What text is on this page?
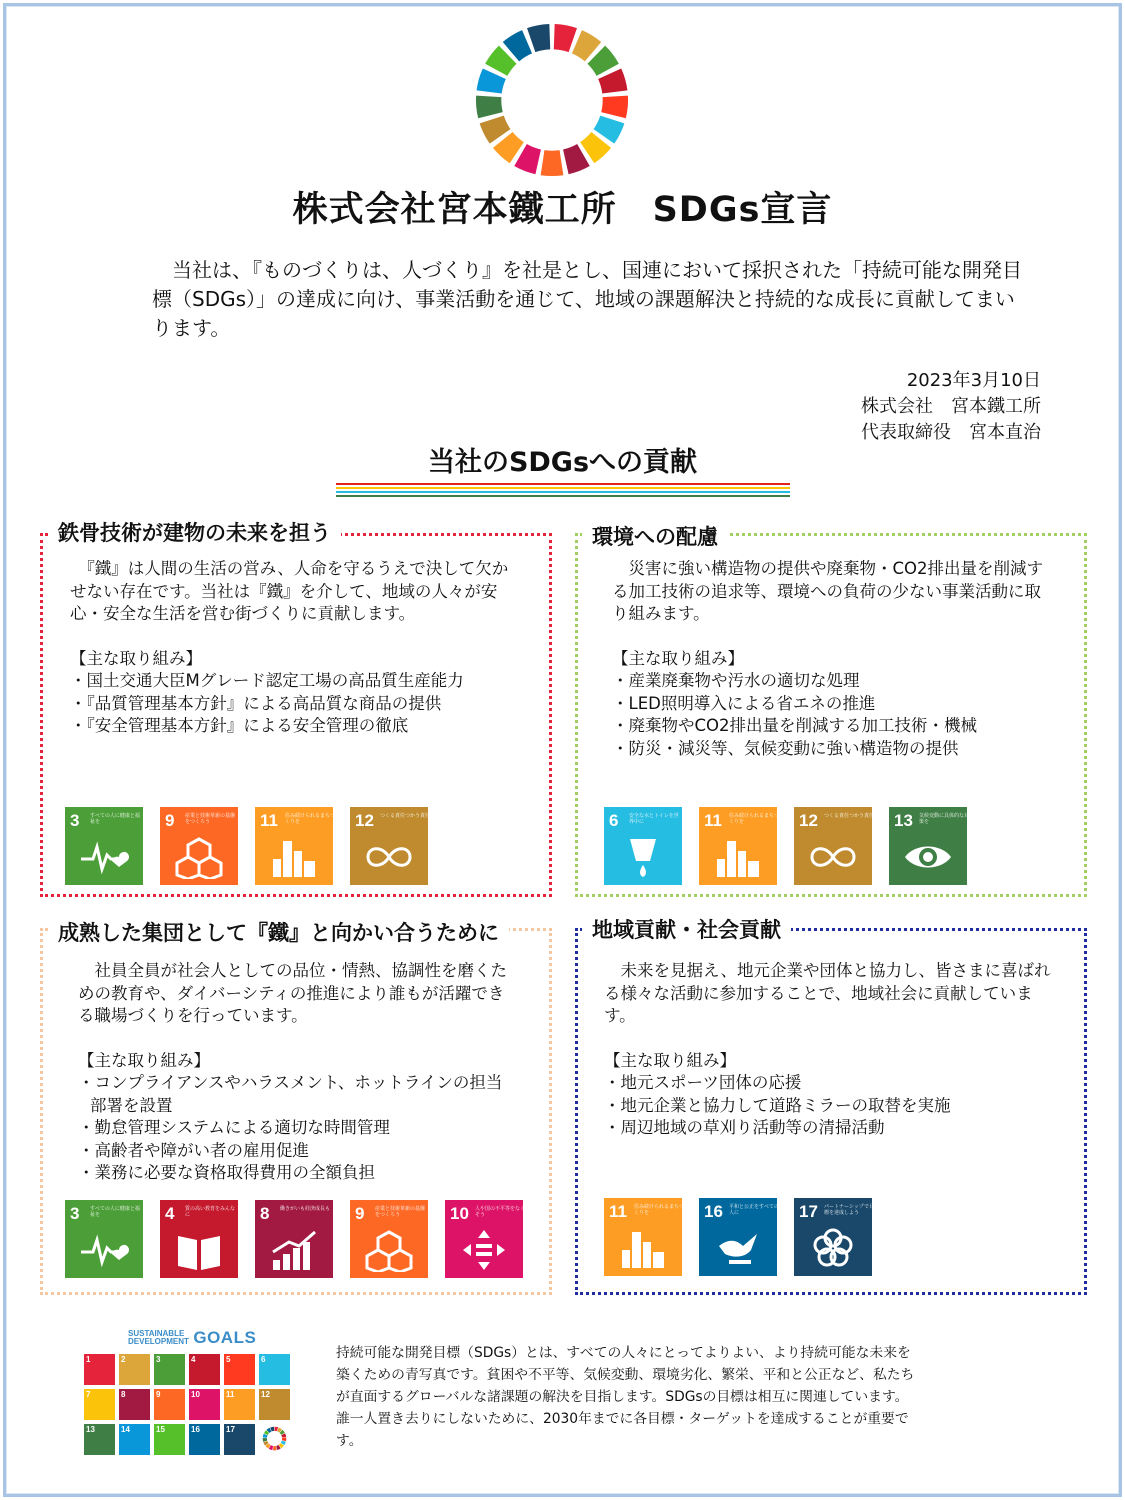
株式会社宮本鐵工所　SDGs宣言
　当社は、『ものづくりは、人づくり』を社是とし、国連において採択された「持続可能な開発目標（SDGs）」の達成に向け、事業活動を通じて、地域の課題解決と持続的な成長に貢献してまいります。
2023年3月10日
株式会社　宮本鐵工所
代表取締役　宮本直治
当社のSDGsへの貢献
鉄骨技術が建物の未来を担う

　『鐵』は人間の生活の営み、人命を守るうえで決して欠かせない存在です。当社は『鐵』を介して、地域の人々が安心・安全な生活を営む街づくりに貢献します。

【主な取り組み】

・国土交通大臣Mグレード認定工場の高品質生産能力
・『品質管理基本方針』による高品質な商品の提供
・『安全管理基本方針』による安全管理の徹底
3 すべての人に健康と福祉を	9 産業と技術革新の基盤をつくろう	11 住み続けられるまちづくりを	12 つくる責任つかう責任
環境への配慮

　災害に強い構造物の提供や廃棄物・CO2排出量を削減する加工技術の追求等、環境への負荷の少ない事業活動に取り組みます。

【主な取り組み】

・産業廃棄物や汚水の適切な処理
・LED照明導入による省エネの推進
・廃棄物やCO2排出量を削減する加工技術・機械
・防災・減災等、気候変動に強い構造物の提供
6 安全な水とトイレを世界中に	11 住み続けられるまちづくりを	12 つくる責任つかう責任 13 気候変動に具体的な対策を
成熟した集団として『鐵』と向かい合うために

　社員全員が社会人としての品位・情熱、協調性を磨くための教育や、ダイバーシティの推進により誰もが活躍できる職場づくりを行っています。

【主な取り組み】

・コンプライアンスやハラスメント、ホットラインの担当
部署を設置
・勤怠管理システムによる適切な時間管理
・高齢者や障がい者の雇用促進
・業務に必要な資格取得費用の全額負担
3 すべての人に健康と福祉を	4 質の高い教育をみんなに	8 働きがいも経済成長も 9 産業と技術革新の基盤をつくろう	10 人や国の不平等をなくそう
地域貢献・社会貢献

　未来を見据え、地元企業や団体と協力し、皆さまに喜ばれる様々な活動に参加することで、地域社会に貢献しています。

【主な取り組み】

・地元スポーツ団体の応援
・地元企業と協力して道路ミラーの取替を実施
・周辺地域の草刈り活動等の清掃活動
11 住み続けられるまちづくりを	16 平和と公正をすべての人に	17 パートナーシップで目標を達成しよう
SUSTAINABLE
DEVELOPMENT GOALS
1	2	3	4	5	6
7	8	9	10	11	12
13	14	15	16	17
持続可能な開発目標（SDGs）とは、すべての人々にとってよりよい、より持続可能な未来を築くための青写真です。貧困や不平等、気候変動、環境劣化、繁栄、平和と公正など、私たちが直面するグローバルな諸課題の解決を目指します。SDGsの目標は相互に関連しています。誰一人置き去りにしないために、2030年までに各目標・ターゲットを達成することが重要です。
